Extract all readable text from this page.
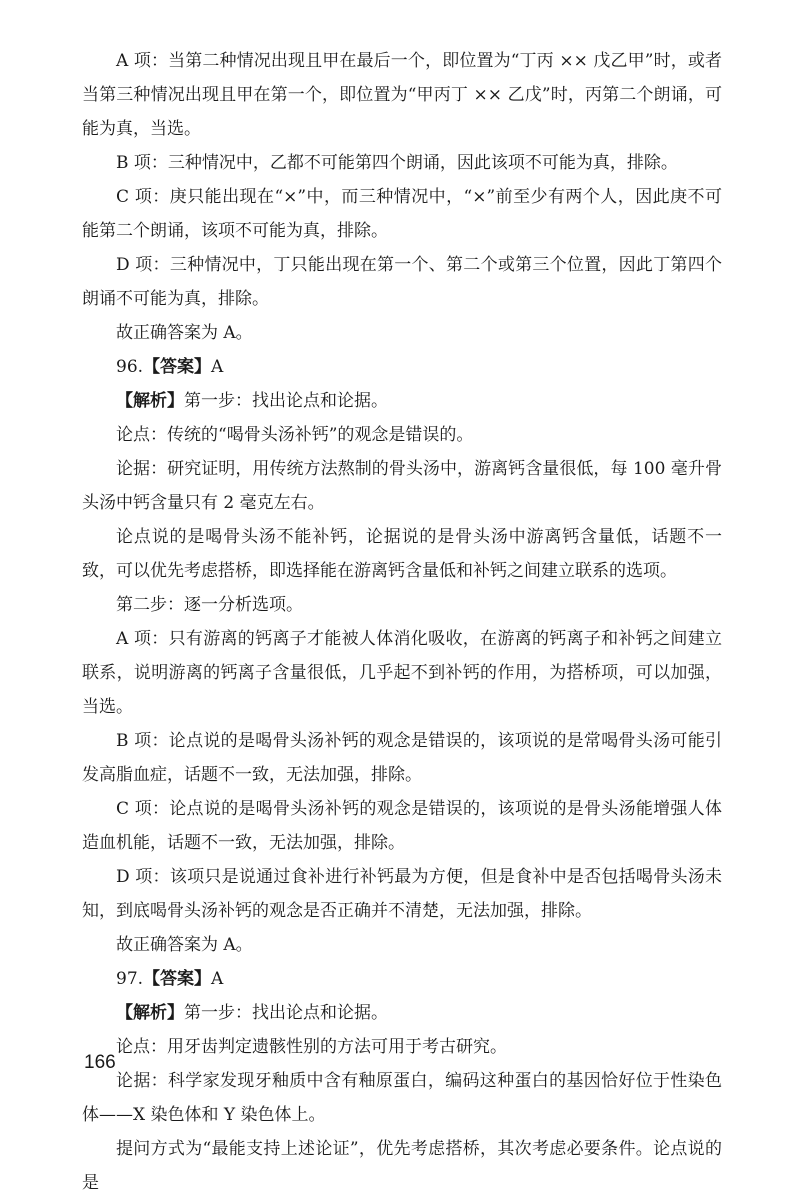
A 项：当第二种情况出现且甲在最后一个，即位置为“丁丙 ×× 戊乙甲”时，或者当第三种情况出现且甲在第一个，即位置为“甲丙丁 ×× 乙戊”时，丙第二个朗诵，可能为真，当选。

B 项：三种情况中，乙都不可能第四个朗诵，因此该项不可能为真，排除。

C 项：庚只能出现在“×”中，而三种情况中，“×”前至少有两个人，因此庚不可能第二个朗诵，该项不可能为真，排除。

D 项：三种情况中，丁只能出现在第一个、第二个或第三个位置，因此丁第四个朗诵不可能为真，排除。

故正确答案为 A。

96.【答案】A

【解析】第一步：找出论点和论据。

论点：传统的“喝骨头汤补钙”的观念是错误的。

论据：研究证明，用传统方法熬制的骨头汤中，游离钙含量很低，每 100 毫升骨头汤中钙含量只有 2 毫克左右。

论点说的是喝骨头汤不能补钙，论据说的是骨头汤中游离钙含量低，话题不一致，可以优先考虑搭桥，即选择能在游离钙含量低和补钙之间建立联系的选项。

第二步：逐一分析选项。

A 项：只有游离的钙离子才能被人体消化吸收，在游离的钙离子和补钙之间建立联系，说明游离的钙离子含量很低，几乎起不到补钙的作用，为搭桥项，可以加强，当选。

B 项：论点说的是喝骨头汤补钙的观念是错误的，该项说的是常喝骨头汤可能引发高脂血症，话题不一致，无法加强，排除。

C 项：论点说的是喝骨头汤补钙的观念是错误的，该项说的是骨头汤能增强人体造血机能，话题不一致，无法加强，排除。

D 项：该项只是说通过食补进行补钙最为方便，但是食补中是否包括喝骨头汤未知，到底喝骨头汤补钙的观念是否正确并不清楚，无法加强，排除。

故正确答案为 A。

97.【答案】A

【解析】第一步：找出论点和论据。

论点：用牙齿判定遗骸性别的方法可用于考古研究。

论据：科学家发现牙釉质中含有釉原蛋白，编码这种蛋白的基因恰好位于性染色体——X 染色体和 Y 染色体上。

提问方式为“最能支持上述论证”，优先考虑搭桥，其次考虑必要条件。论点说的是

166
